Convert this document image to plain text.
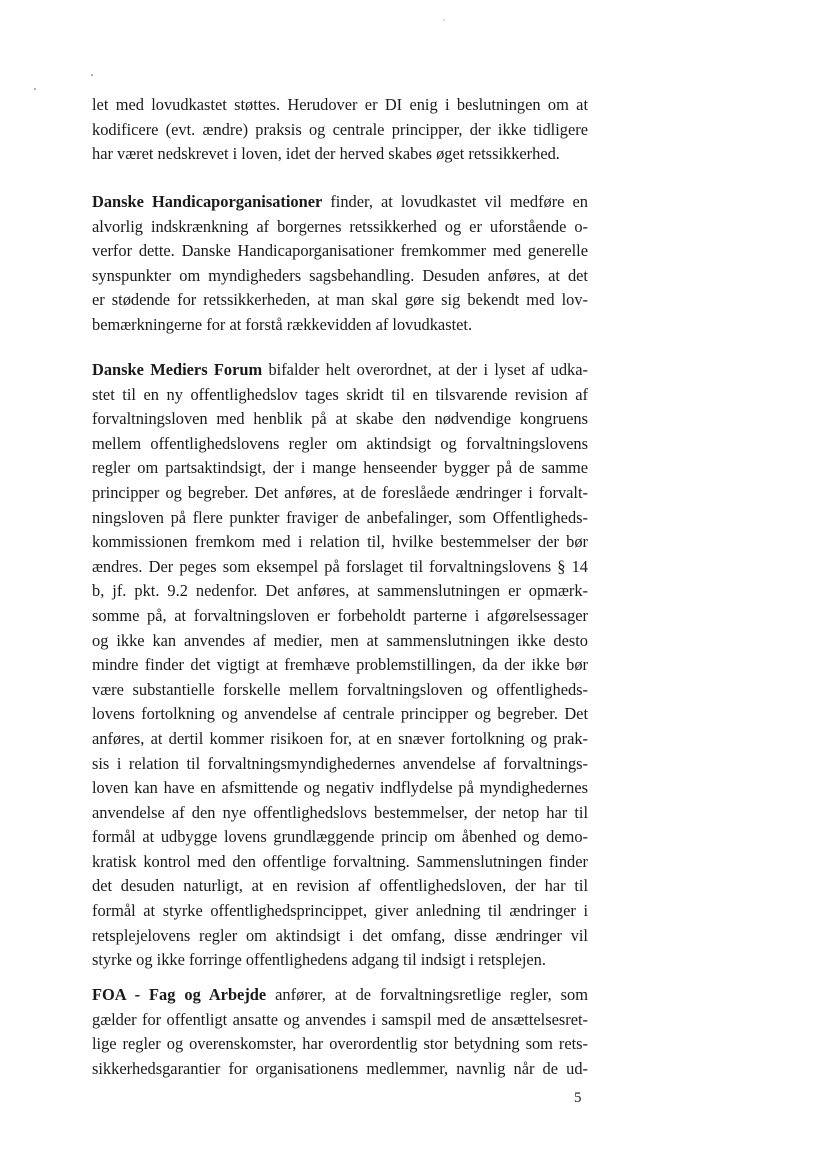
let med lovudkastet støttes. Herudover er DI enig i beslutningen om at
kodificere (evt. ændre) praksis og centrale principper, der ikke tidligere
har været nedskrevet i loven, idet der herved skabes øget retssikkerhed.

Danske Handicaporganisationer finder, at lovudkastet vil medføre en
alvorlig indskrænkning af borgernes retssikkerhed og er uforstående o-
verfor dette. Danske Handicaporganisationer fremkommer med generelle
synspunkter om myndigheders sagsbehandling. Desuden anføres, at det
er stødende for retssikkerheden, at man skal gøre sig bekendt med lov-
bemærkningerne for at forstå rækkevidden af lovudkastet.

Danske Mediers Forum bifalder helt overordnet, at der i lyset af udka-
stet til en ny offentlighedslov tages skridt til en tilsvarende revision af
forvaltningsloven med henblik på at skabe den nødvendige kongruens
mellem offentlighedslovens regler om aktindsigt og forvaltningslovens
regler om partsaktindsigt, der i mange henseender bygger på de samme
principper og begreber. Det anføres, at de foreslåede ændringer i forvalt-
ningsloven på flere punkter fraviger de anbefalinger, som Offentligheds-
kommissionen fremkom med i relation til, hvilke bestemmelser der bør
ændres. Der peges som eksempel på forslaget til forvaltningslovens § 14
b, jf. pkt. 9.2 nedenfor. Det anføres, at sammenslutningen er opmærk-
somme på, at forvaltningsloven er forbeholdt parterne i afgørelsessager
og ikke kan anvendes af medier, men at sammenslutningen ikke desto
mindre finder det vigtigt at fremhæve problemstillingen, da der ikke bør
være substantielle forskelle mellem forvaltningsloven og offentligheds-
lovens fortolkning og anvendelse af centrale principper og begreber. Det
anføres, at dertil kommer risikoen for, at en snæver fortolkning og prak-
sis i relation til forvaltningsmyndighedernes anvendelse af forvaltnings-
loven kan have en afsmittende og negativ indflydelse på myndighedernes
anvendelse af den nye offentlighedslovs bestemmelser, der netop har til
formål at udbygge lovens grundlæggende princip om åbenhed og demo-
kratisk kontrol med den offentlige forvaltning. Sammenslutningen finder
det desuden naturligt, at en revision af offentlighedsloven, der har til
formål at styrke offentlighedsprincippet, giver anledning til ændringer i
retsplejelovens regler om aktindsigt i det omfang, disse ændringer vil
styrke og ikke forringe offentlighedens adgang til indsigt i retsplejen.

FOA - Fag og Arbejde anfører, at de forvaltningsretlige regler, som
gælder for offentligt ansatte og anvendes i samspil med de ansættelsesret-
lige regler og overenskomster, har overordentlig stor betydning som rets-
sikkerhedsgarantier for organisationens medlemmer, navnlig når de ud-

5
